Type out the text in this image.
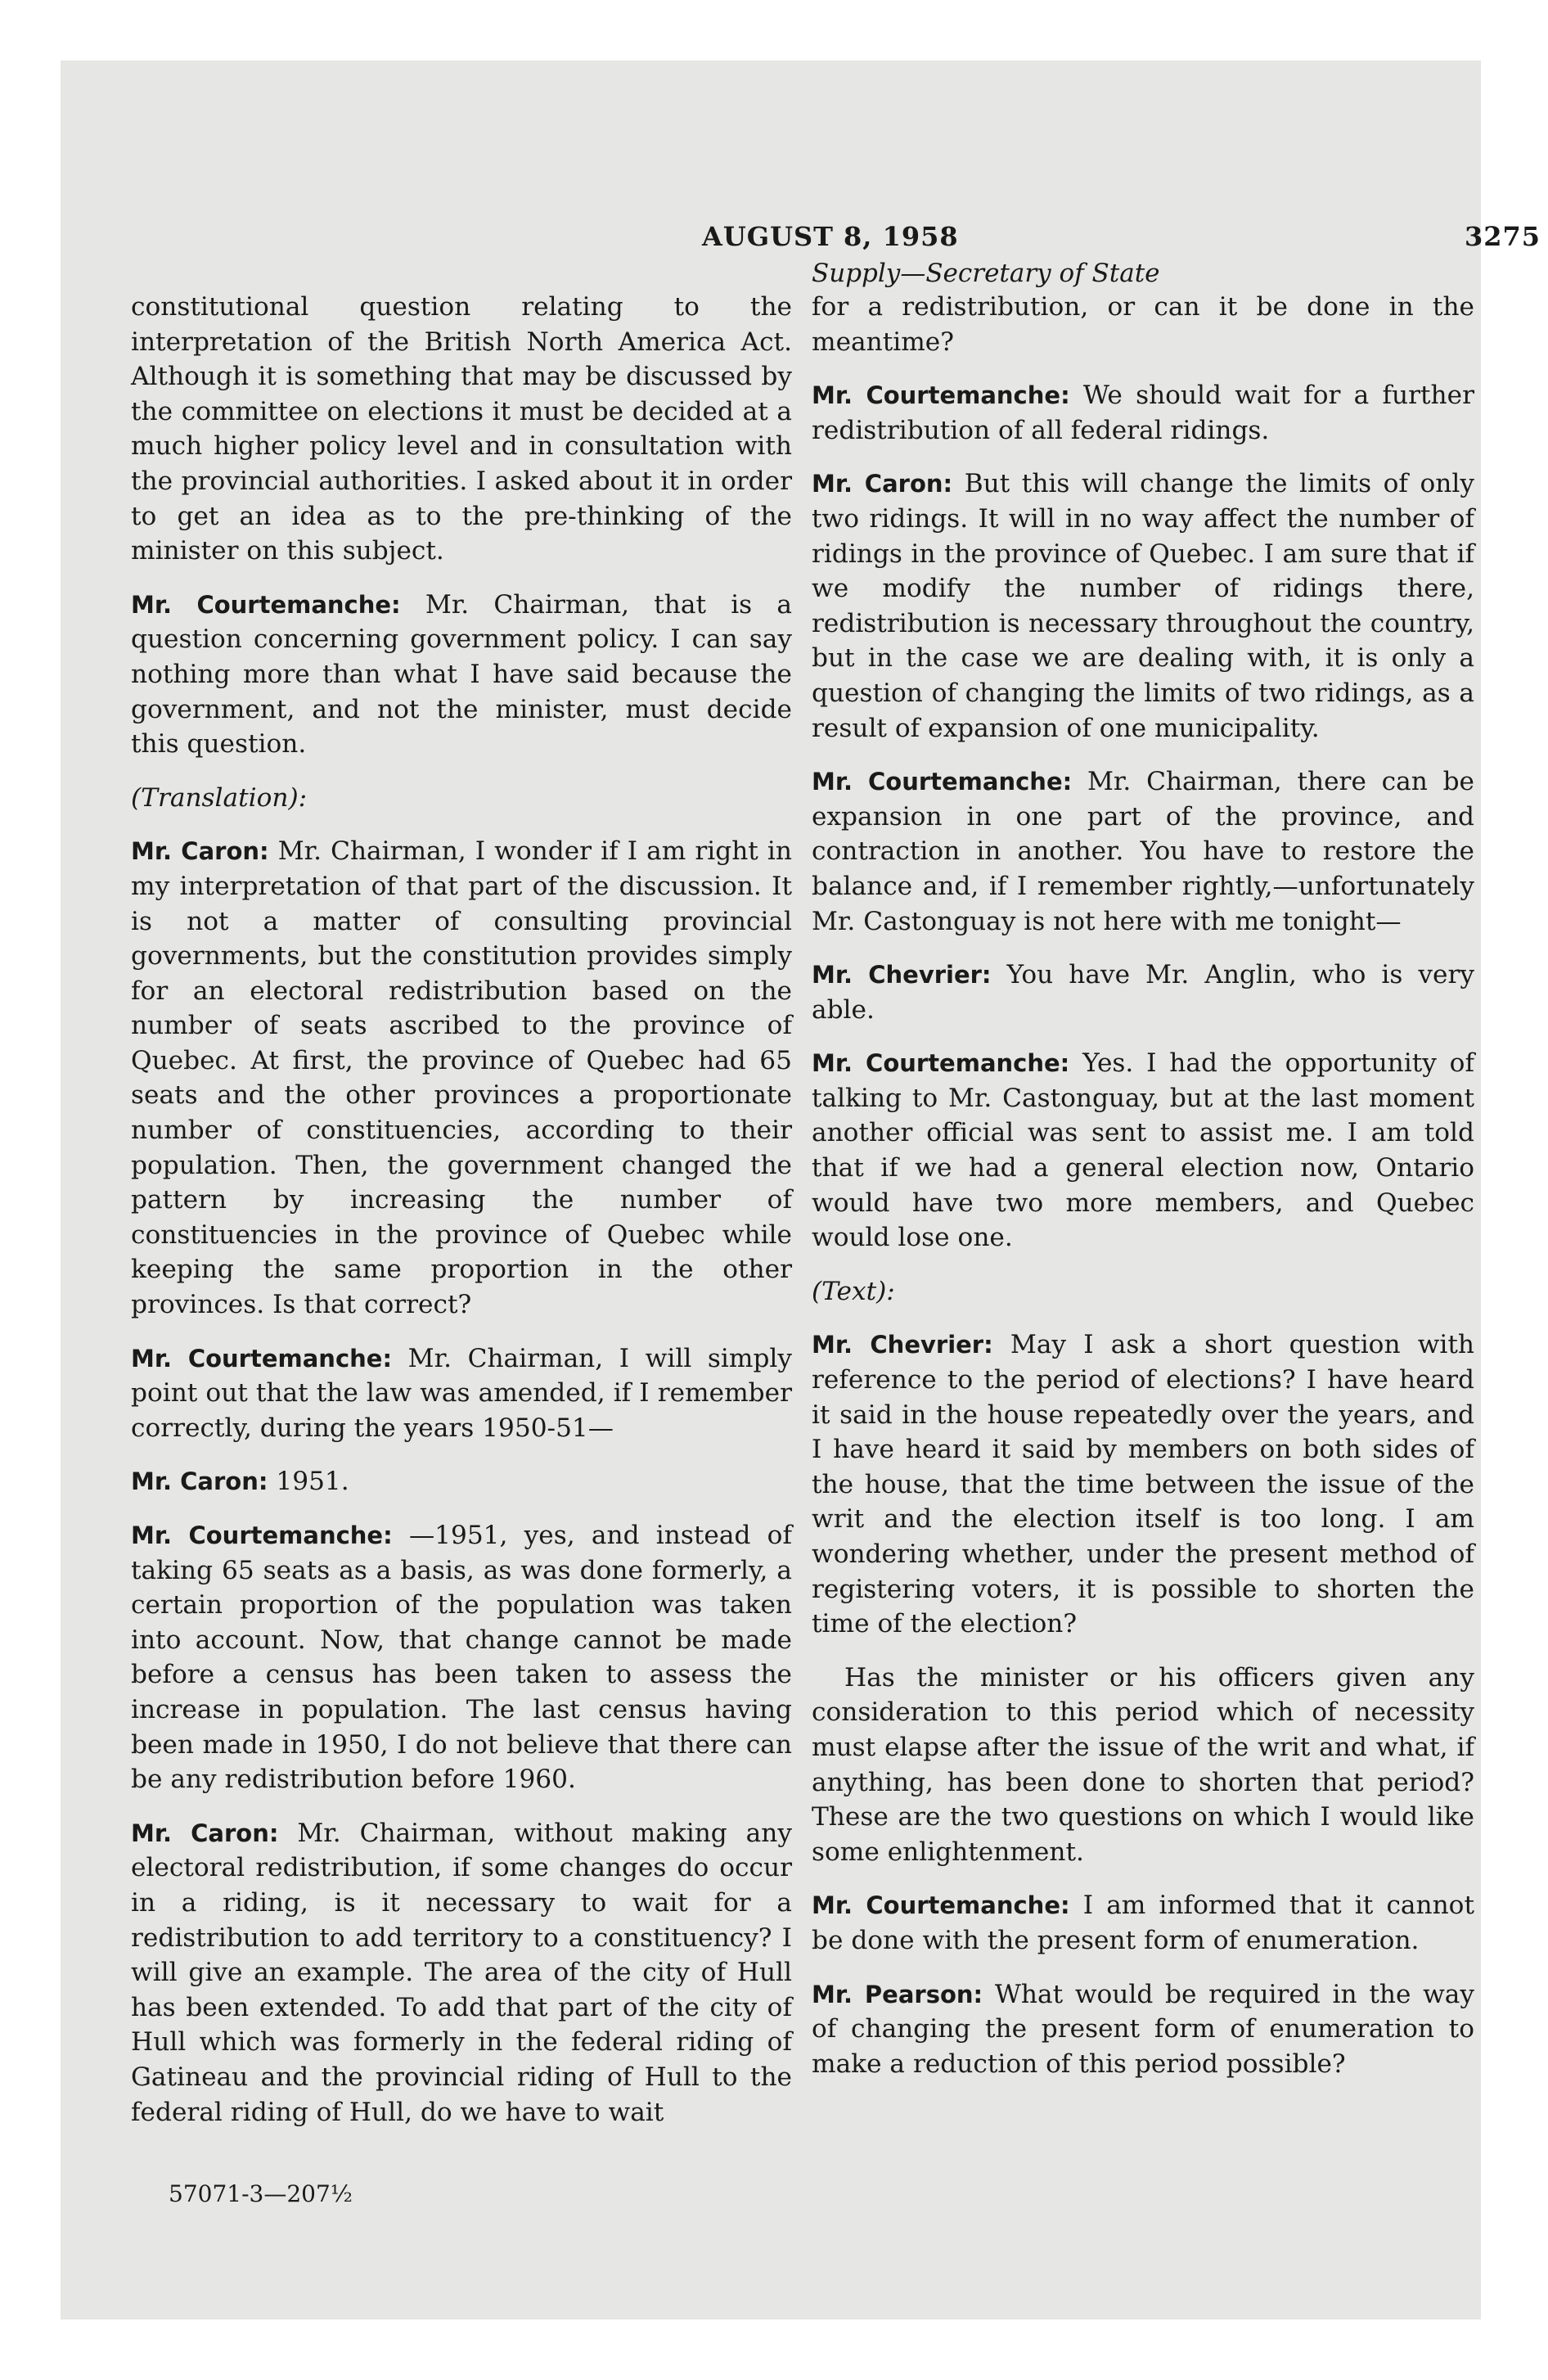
AUGUST 8, 1958	3275
Supply—Secretary of State

constitutional question relating to the interpretation of the British North America Act. Although it is something that may be discussed by the committee on elections it must be decided at a much higher policy level and in consultation with the provincial authorities. I asked about it in order to get an idea as to the pre-thinking of the minister on this subject.

Mr. Courtemanche: Mr. Chairman, that is a question concerning government policy. I can say nothing more than what I have said because the government, and not the minister, must decide this question.

(Translation):

Mr. Caron: Mr. Chairman, I wonder if I am right in my interpretation of that part of the discussion. It is not a matter of consulting provincial governments, but the constitution provides simply for an electoral redistribution based on the number of seats ascribed to the province of Quebec. At first, the province of Quebec had 65 seats and the other provinces a proportionate number of constituencies, according to their population. Then, the government changed the pattern by increasing the number of constituencies in the province of Quebec while keeping the same proportion in the other provinces. Is that correct?

Mr. Courtemanche: Mr. Chairman, I will simply point out that the law was amended, if I remember correctly, during the years 1950-51—

Mr. Caron: 1951.

Mr. Courtemanche: —1951, yes, and instead of taking 65 seats as a basis, as was done formerly, a certain proportion of the population was taken into account. Now, that change cannot be made before a census has been taken to assess the increase in population. The last census having been made in 1950, I do not believe that there can be any redistribution before 1960.

Mr. Caron: Mr. Chairman, without making any electoral redistribution, if some changes do occur in a riding, is it necessary to wait for a redistribution to add territory to a constituency? I will give an example. The area of the city of Hull has been extended. To add that part of the city of Hull which was formerly in the federal riding of Gatineau and the provincial riding of Hull to the federal riding of Hull, do we have to wait

for a redistribution, or can it be done in the meantime?

Mr. Courtemanche: We should wait for a further redistribution of all federal ridings.

Mr. Caron: But this will change the limits of only two ridings. It will in no way affect the number of ridings in the province of Quebec. I am sure that if we modify the number of ridings there, redistribution is necessary throughout the country, but in the case we are dealing with, it is only a question of changing the limits of two ridings, as a result of expansion of one municipality.

Mr. Courtemanche: Mr. Chairman, there can be expansion in one part of the province, and contraction in another. You have to restore the balance and, if I remember rightly,—unfortunately Mr. Castonguay is not here with me tonight—

Mr. Chevrier: You have Mr. Anglin, who is very able.

Mr. Courtemanche: Yes. I had the opportunity of talking to Mr. Castonguay, but at the last moment another official was sent to assist me. I am told that if we had a general election now, Ontario would have two more members, and Quebec would lose one.

(Text):

Mr. Chevrier: May I ask a short question with reference to the period of elections? I have heard it said in the house repeatedly over the years, and I have heard it said by members on both sides of the house, that the time between the issue of the writ and the election itself is too long. I am wondering whether, under the present method of registering voters, it is possible to shorten the time of the election?

Has the minister or his officers given any consideration to this period which of necessity must elapse after the issue of the writ and what, if anything, has been done to shorten that period? These are the two questions on which I would like some enlightenment.

Mr. Courtemanche: I am informed that it cannot be done with the present form of enumeration.

Mr. Pearson: What would be required in the way of changing the present form of enumeration to make a reduction of this period possible?

57071-3—207½
